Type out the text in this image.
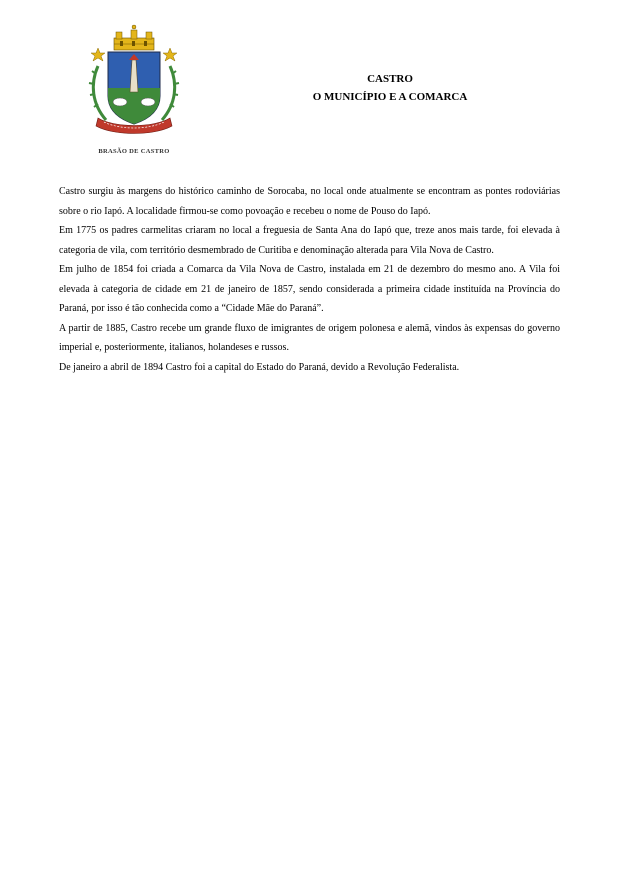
BRASÃO DE CASTRO
CASTRO
O MUNICÍPIO E A COMARCA

Castro surgiu às margens do histórico caminho de Sorocaba, no local onde atualmente se encontram as pontes rodoviárias sobre o rio Iapó. A localidade firmou-se como povoação e recebeu o nome de Pouso do Iapó.

Em 1775 os padres carmelitas criaram no local a freguesia de Santa Ana do Iapó que, treze anos mais tarde, foi elevada à categoria de vila, com território desmembrado de Curitiba e denominação alterada para Vila Nova de Castro.

Em julho de 1854 foi criada a Comarca da Vila Nova de Castro, instalada em 21 de dezembro do mesmo ano. A Vila foi elevada à categoria de cidade em 21 de janeiro de 1857, sendo considerada a primeira cidade instituída na Província do Paraná, por isso é tão conhecida como a “Cidade Mãe do Paraná”.

A partir de 1885, Castro recebe um grande fluxo de imigrantes de origem polonesa e alemã, vindos às expensas do governo imperial e, posteriormente, italianos, holandeses e russos.

De janeiro a abril de 1894 Castro foi a capital do Estado do Paraná, devido a Revolução Federalista.
